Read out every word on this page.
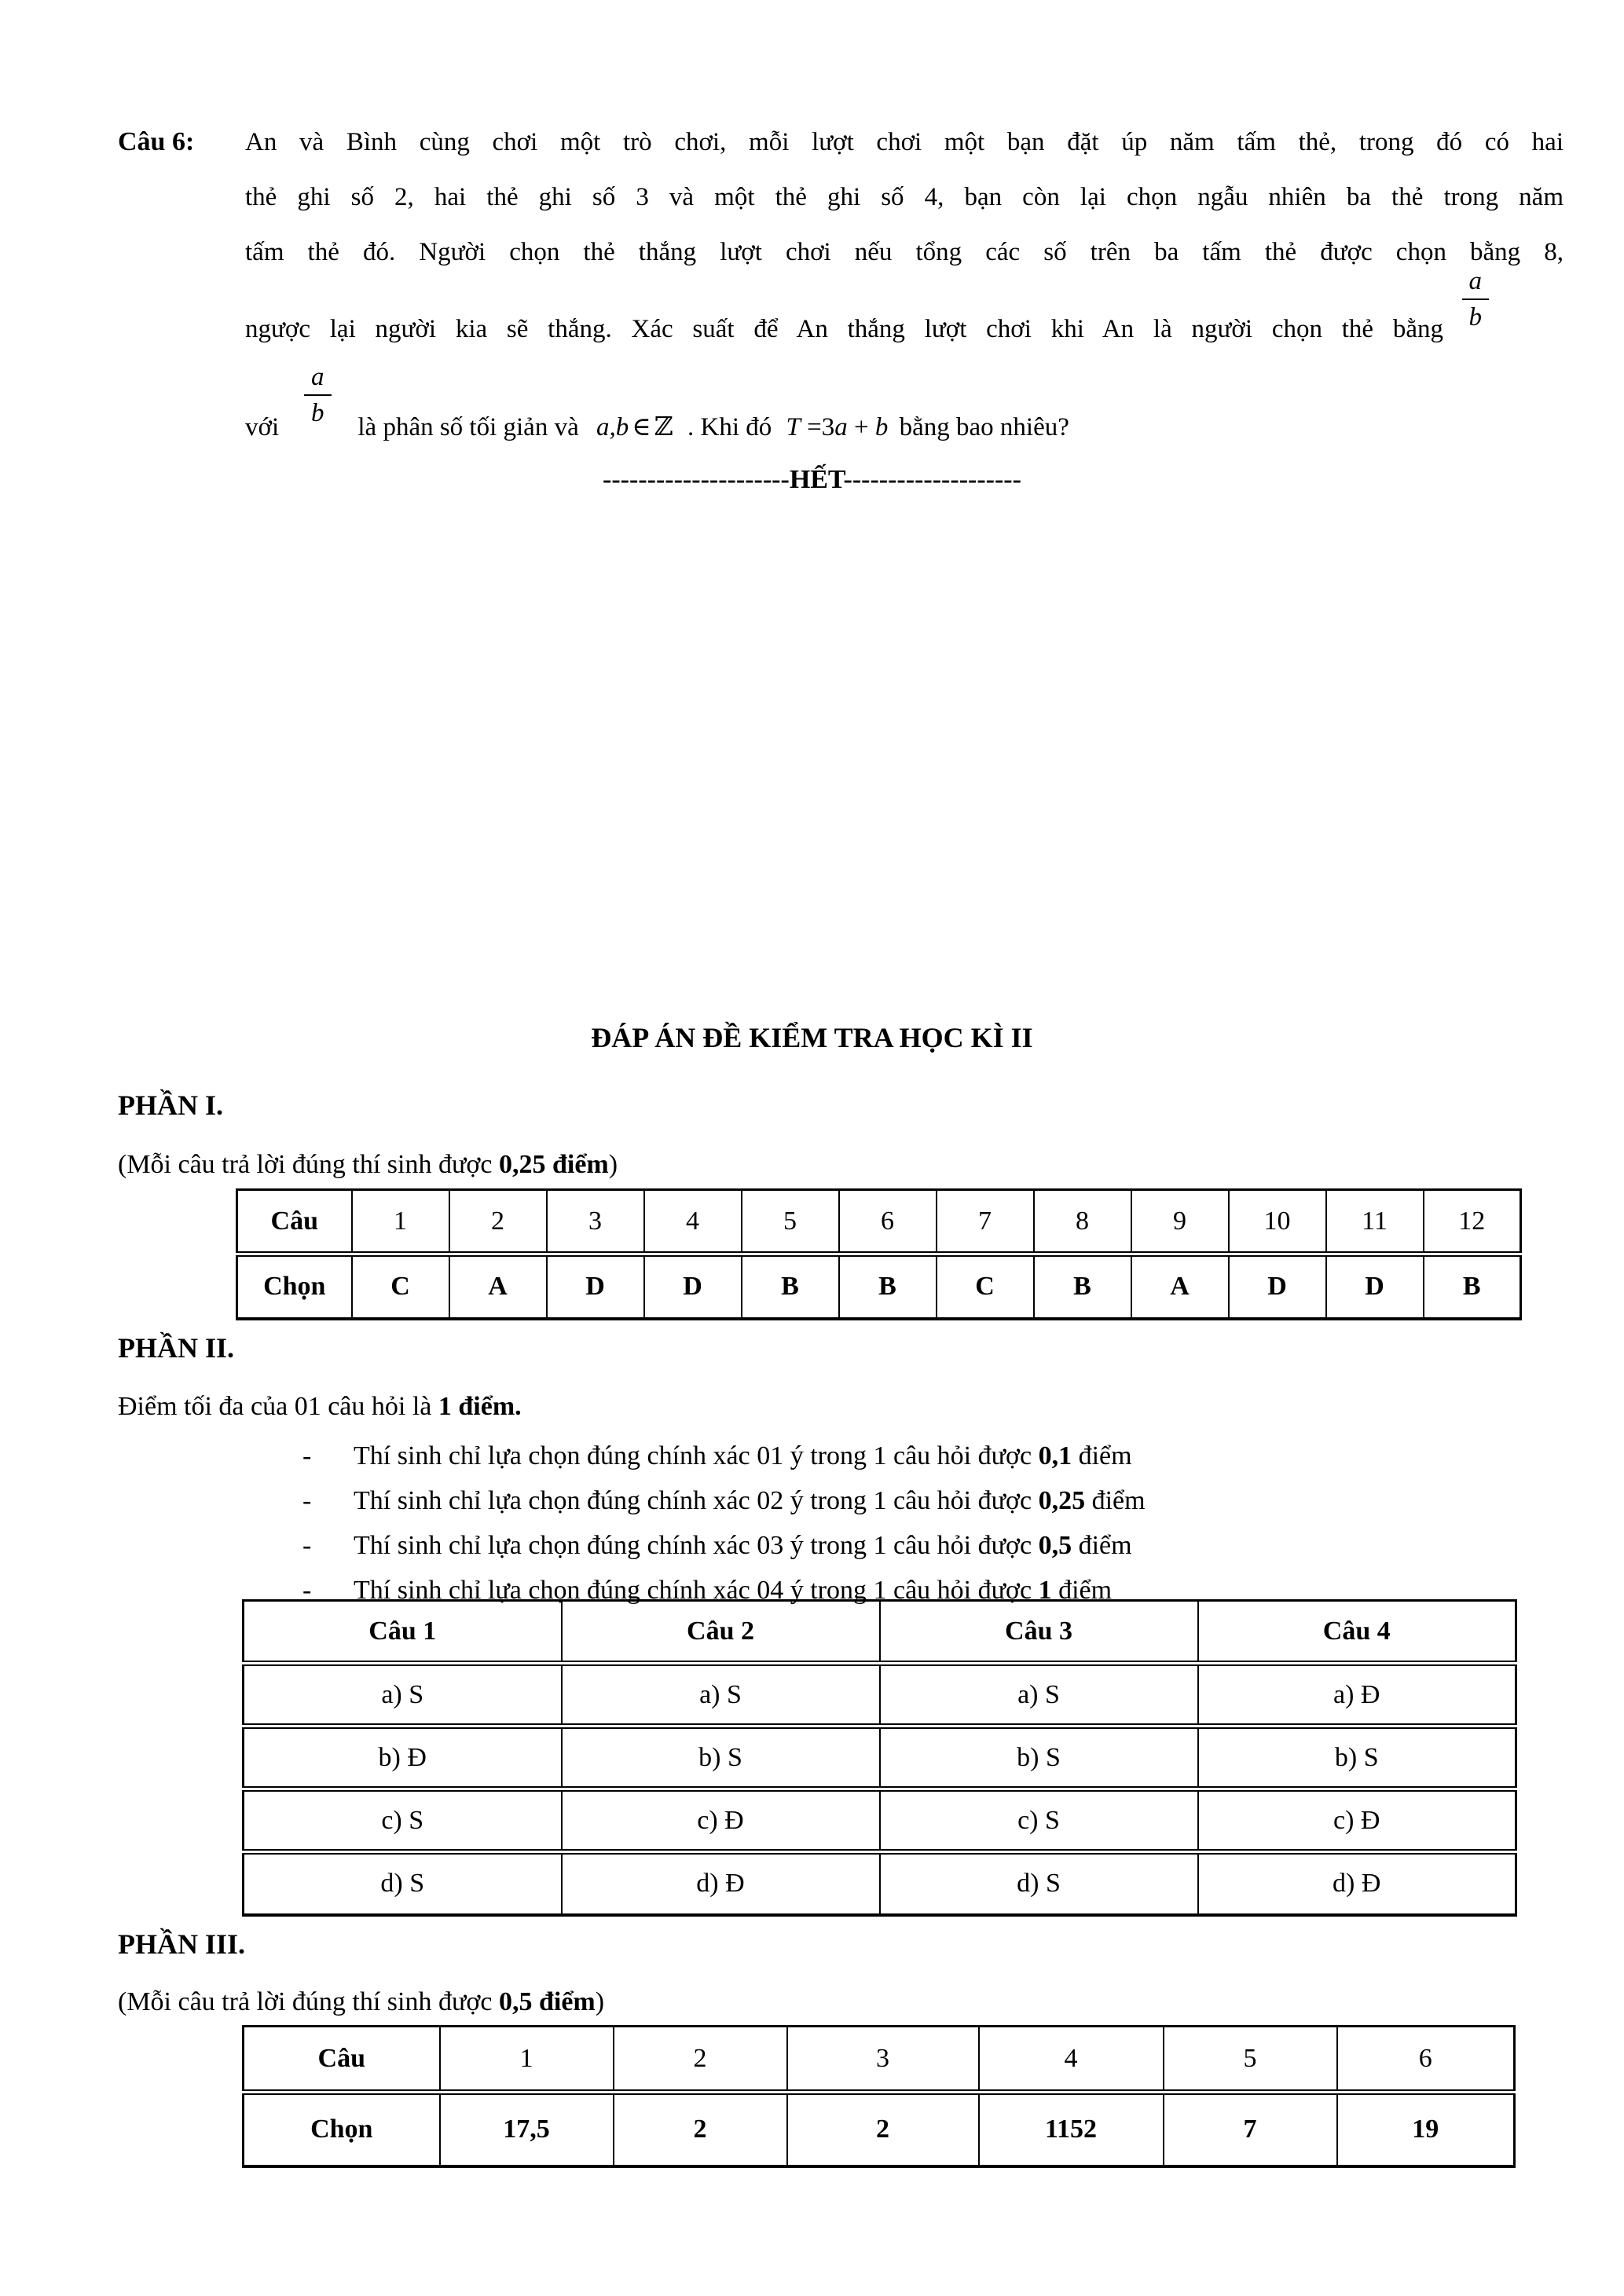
Câu 6: An và Bình cùng chơi một trò chơi, mỗi lượt chơi một bạn đặt úp năm tấm thẻ, trong đó có hai
thẻ ghi số 2, hai thẻ ghi số 3 và một thẻ ghi số 4, bạn còn lại chọn ngẫu nhiên ba thẻ trong năm
tấm thẻ đó. Người chọn thẻ thắng lượt chơi nếu tổng các số trên ba tấm thẻ được chọn bằng 8,
ngược lại người kia sẽ thắng. Xác suất để An thắng lượt chơi khi An là người chọn thẻ bằng $\frac{a}{b}$
với $\frac{a}{b}$ là phân số tối giản và a,b ∈ ℤ . Khi đó T =3a + b bằng bao nhiêu?
---------------------HẾT--------------------
ĐÁP ÁN ĐỀ KIỂM TRA HỌC KÌ II
PHẦN I.
(Mỗi câu trả lời đúng thí sinh được 0,25 điểm)
Câu	1	2	3	4	5	6	7	8	9	10	11	12
Chọn	C	A	D	D	B	B	C	B	A	D	D	B
PHẦN II.
Điểm tối đa của 01 câu hỏi là 1 điểm.
-	Thí sinh chỉ lựa chọn đúng chính xác 01 ý trong 1 câu hỏi được 0,1 điểm
-	Thí sinh chỉ lựa chọn đúng chính xác 02 ý trong 1 câu hỏi được 0,25 điểm
-	Thí sinh chỉ lựa chọn đúng chính xác 03 ý trong 1 câu hỏi được 0,5 điểm
-	Thí sinh chỉ lựa chọn đúng chính xác 04 ý trong 1 câu hỏi được 1 điểm
Câu 1	Câu 2	Câu 3	Câu 4
a) S	a) S	a) S	a) Đ
b) Đ	b) S	b) S	b) S
c) S	c) Đ	c) S	c) Đ
d) S	d) Đ	d) S	d) Đ
PHẦN III.
(Mỗi câu trả lời đúng thí sinh được 0,5 điểm)
Câu	1	2	3	4	5	6
Chọn	17,5	2	2	1152	7	19
